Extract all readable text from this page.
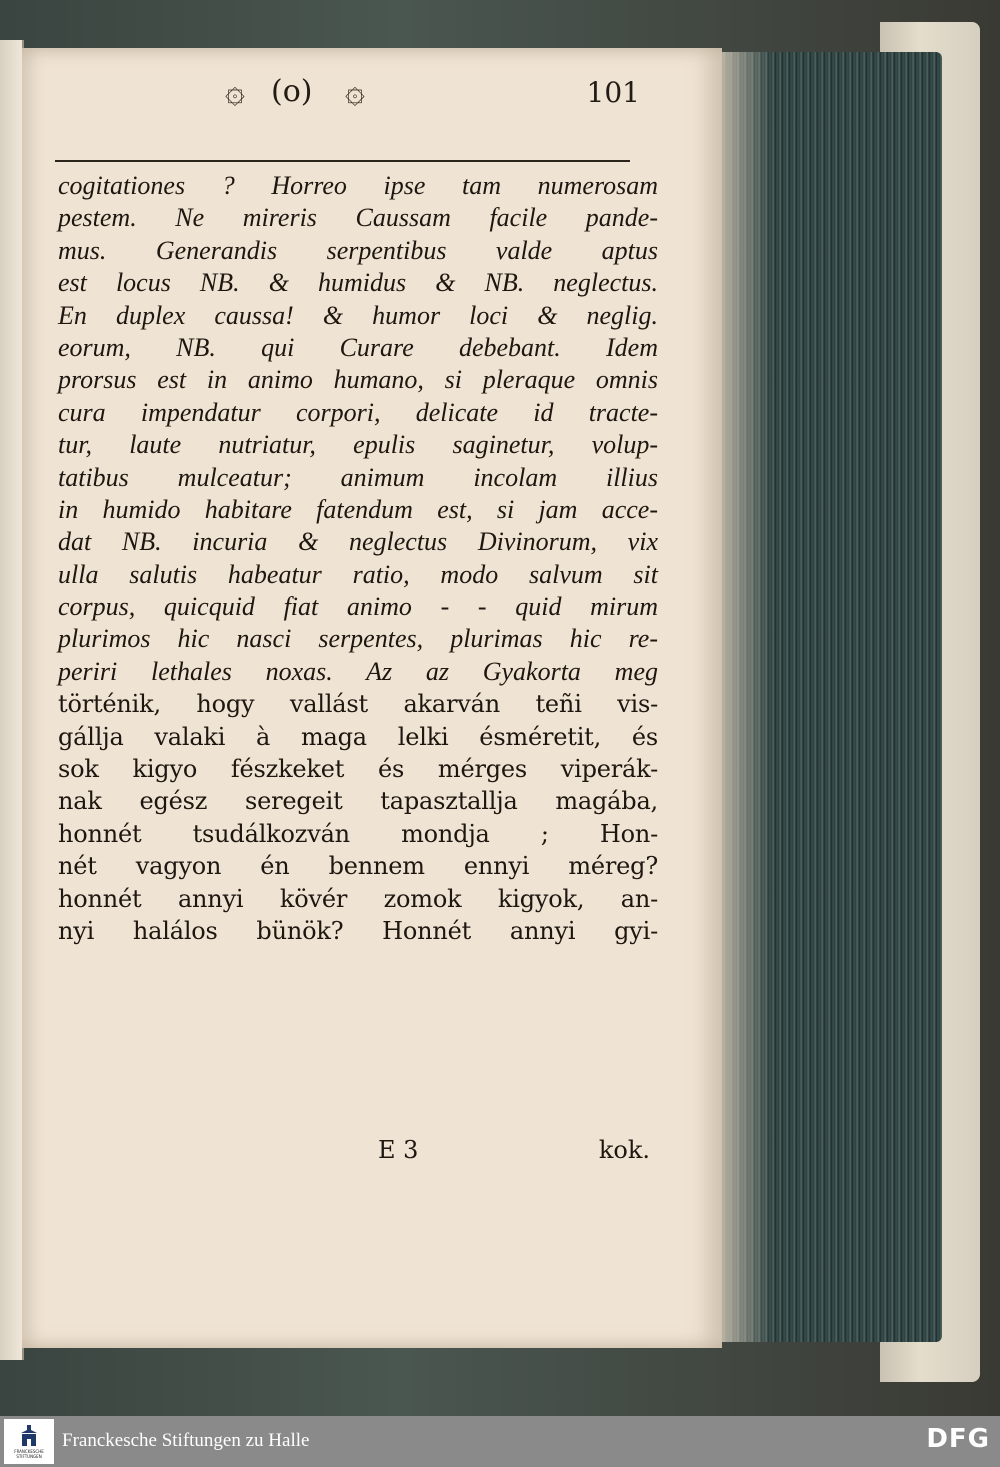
۞ (o) ۞	101
cogitationes ? Horreo ipse tam numerosam
pestem. Ne mireris Caussam facile pande-
mus. Generandis serpentibus valde aptus
est locus NB. & humidus & NB. neglectus.
En duplex caussa! & humor loci & neglig.
eorum, NB. qui Curare debebant. Idem
prorsus est in animo humano, si pleraque omnis
cura impendatur corpori, delicate id tracte-
tur, laute nutriatur, epulis saginetur, volup-
tatibus mulceatur; animum incolam illius
in humido habitare fatendum est, si jam acce-
dat NB. incuria & neglectus Divinorum, vix
ulla salutis habeatur ratio, modo salvum sit
corpus, quicquid fiat animo - - quid mirum
plurimos hic nasci serpentes, plurimas hic re-
periri lethales noxas. Az az Gyakorta meg
történik, hogy vallást akarván teñi vis-
gállja valaki à maga lelki ésméretit, és
sok kigyo fészkeket és mérges viperák-
nak egész seregeit tapasztallja magába,
honnét tsudálkozván mondja ; Hon-
nét vagyon én bennem ennyi méreg?
honnét annyi kövér zomok kigyok, an-
nyi halálos bünök? Honnét annyi gyi-
E 3	kok.
FRANCKESCHE STIFTUNGEN
Franckesche Stiftungen zu Halle	DFG
